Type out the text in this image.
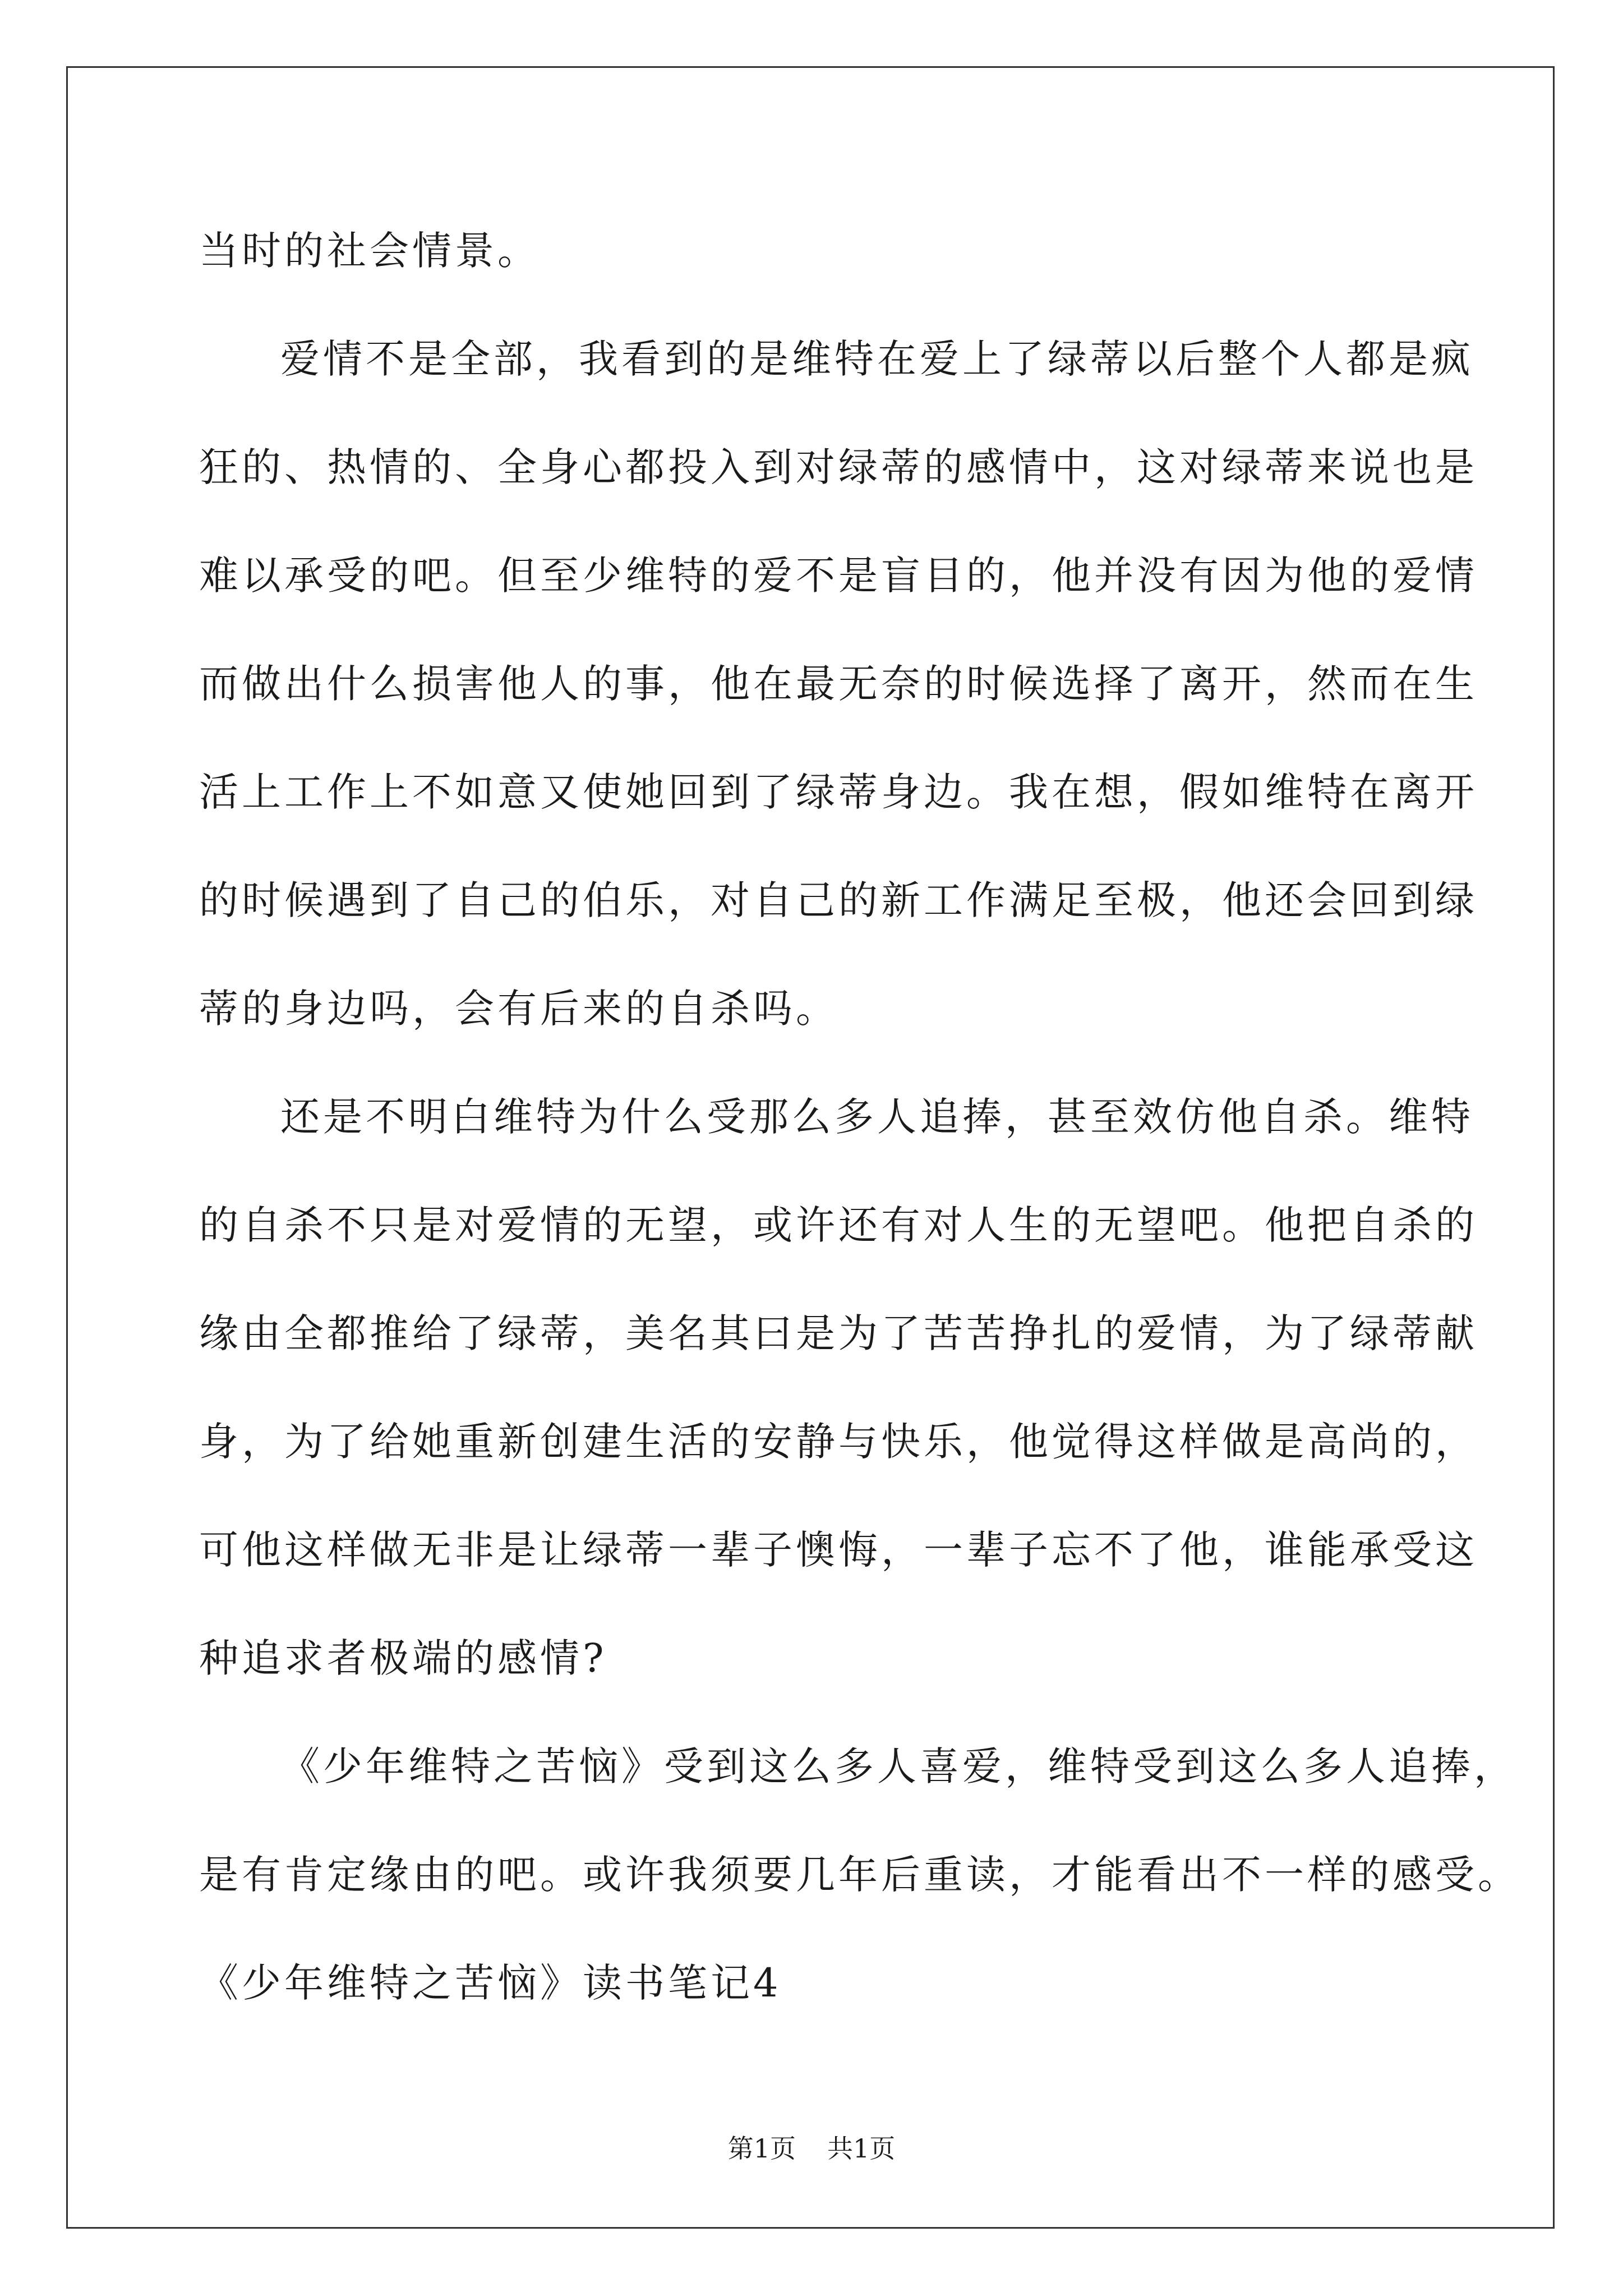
当时的社会情景。
爱情不是全部，我看到的是维特在爱上了绿蒂以后整个人都是疯
狂的、热情的、全身心都投入到对绿蒂的感情中，这对绿蒂来说也是
难以承受的吧。但至少维特的爱不是盲目的，他并没有因为他的爱情
而做出什么损害他人的事，他在最无奈的时候选择了离开，然而在生
活上工作上不如意又使她回到了绿蒂身边。我在想，假如维特在离开
的时候遇到了自己的伯乐，对自己的新工作满足至极，他还会回到绿
蒂的身边吗，会有后来的自杀吗。
还是不明白维特为什么受那么多人追捧，甚至效仿他自杀。维特
的自杀不只是对爱情的无望，或许还有对人生的无望吧。他把自杀的
缘由全都推给了绿蒂，美名其曰是为了苦苦挣扎的爱情，为了绿蒂献
身，为了给她重新创建生活的安静与快乐，他觉得这样做是高尚的，
可他这样做无非是让绿蒂一辈子懊悔，一辈子忘不了他，谁能承受这
种追求者极端的感情?
《少年维特之苦恼》受到这么多人喜爱，维特受到这么多人追捧，
是有肯定缘由的吧。或许我须要几年后重读，才能看出不一样的感受。
《少年维特之苦恼》读书笔记4
第1页 共1页
